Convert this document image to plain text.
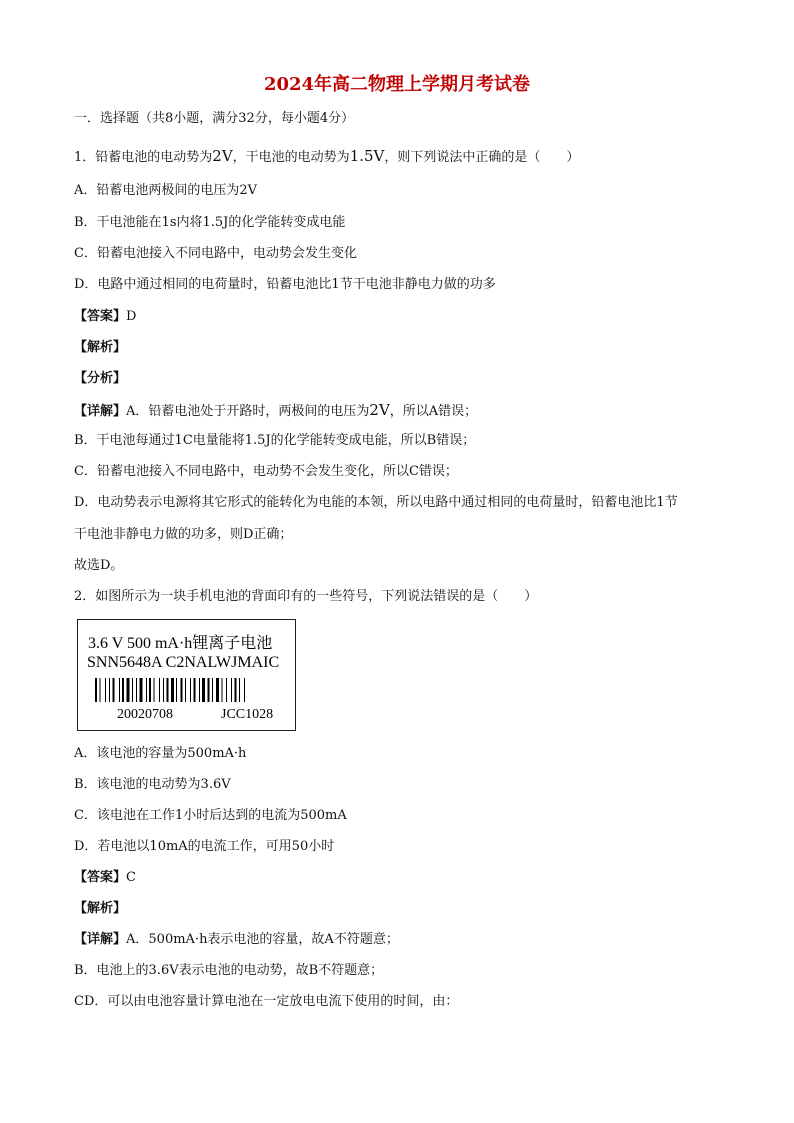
2024年高二物理上学期月考试卷
一．选择题（共8小题，满分32分，每小题4分）
1．铅蓄电池的电动势为2V，干电池的电动势为1.5V，则下列说法中正确的是（　　）
A．铅蓄电池两极间的电压为2V
B．干电池能在1s内将1.5J的化学能转变成电能
C．铅蓄电池接入不同电路中，电动势会发生变化
D．电路中通过相同的电荷量时，铅蓄电池比1节干电池非静电力做的功多
【答案】D
【解析】
【分析】
【详解】A．铅蓄电池处于开路时，两极间的电压为2V，所以A错误；
B．干电池每通过1C电量能将1.5J的化学能转变成电能，所以B错误；
C．铅蓄电池接入不同电路中，电动势不会发生变化，所以C错误；
D．电动势表示电源将其它形式的能转化为电能的本领，所以电路中通过相同的电荷量时，铅蓄电池比1节
干电池非静电力做的功多，则D正确；
故选D。
2．如图所示为一块手机电池的背面印有的一些符号，下列说法错误的是（　　）
3.6 V 500 mA·h锂离子电池
SNN5648A C2NALWJMAIC
20020708	JCC1028
A．该电池的容量为500mA·h
B．该电池的电动势为3.6V
C．该电池在工作1小时后达到的电流为500mA
D．若电池以10mA的电流工作，可用50小时
【答案】C
【解析】
【详解】A．500mA·h表示电池的容量，故A不符题意；
B．电池上的3.6V表示电池的电动势，故B不符题意；
CD．可以由电池容量计算电池在一定放电电流下使用的时间，由：
